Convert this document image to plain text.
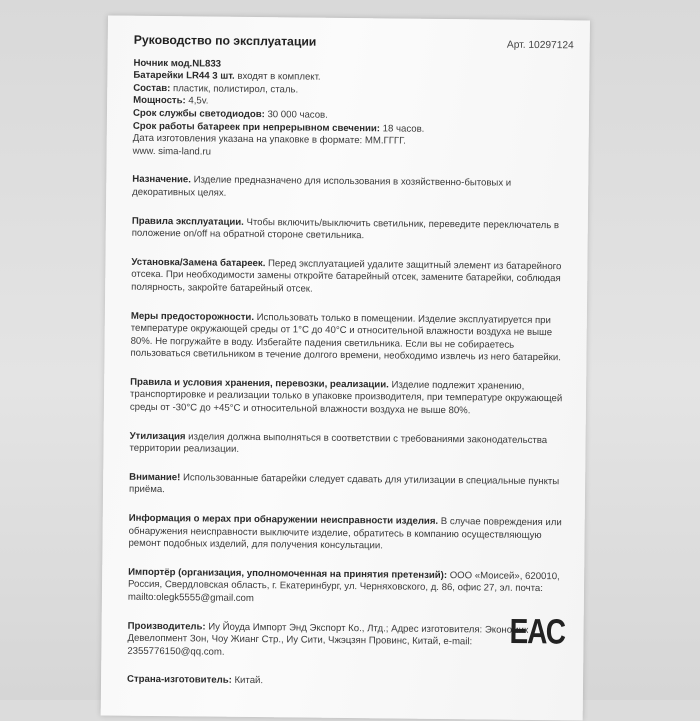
Руководство по эксплуатации	Арт. 10297124
Ночник мод.NL833
Батарейки LR44 3 шт. входят в комплект.
Состав: пластик, полистирол, сталь.
Мощность: 4,5v.
Срок службы светодиодов: 30 000 часов.
Срок работы батареек при непрерывном свечении: 18 часов.
Дата изготовления указана на упаковке в формате: ММ.ГГГГ.
www. sima-land.ru
Назначение. Изделие предназначено для использования в хозяйственно-бытовых и декоративных целях.
Правила эксплуатации. Чтобы включить/выключить светильник, переведите переключатель в положение on/off на обратной стороне светильника.
Установка/Замена батареек. Перед эксплуатацией удалите защитный элемент из батарейного отсека. При необходимости замены откройте батарейный отсек, замените батарейки, соблюдая полярность, закройте батарейный отсек.
Меры предосторожности. Использовать только в помещении. Изделие эксплуатируется при температуре окружающей среды от 1°С до 40°С и относительной влажности воздуха не выше 80%. Не погружайте в воду. Избегайте падения светильника. Если вы не собираетесь пользоваться светильником в течение долгого времени, необходимо извлечь из него батарейки.
Правила и условия хранения, перевозки, реализации. Изделие подлежит хранению, транспортировке и реализации только в упаковке производителя, при температуре окружающей среды от -30°С до +45°С и относительной влажности воздуха не выше 80%.
Утилизация изделия должна выполняться в соответствии с требованиями законодательства территории реализации.
Внимание! Использованные батарейки следует сдавать для утилизации в специальные пункты приёма.
Информация о мерах при обнаружении неисправности изделия. В случае повреждения или обнаружения неисправности выключите изделие, обратитесь в компанию осуществляющую ремонт подобных изделий, для получения консультации.
Импортёр (организация, уполномоченная на принятия претензий): ООО «Моисей», 620010, Россия, Свердловская область, г. Екатеринбург, ул. Черняховского, д. 86, офис 27, эл. почта: mailto:olegk5555@gmail.com
Производитель: Иу Йоуда Импорт Энд Экспорт Ко., Лтд.; Адрес изготовителя: Экономик Девелопмент Зон, Чоу Жианг Стр., Иу Сити, Чжэцзян Провинс, Китай, e-mail: 2355776150@qq.com.
Страна-изготовитель: Китай.
ЕАС
